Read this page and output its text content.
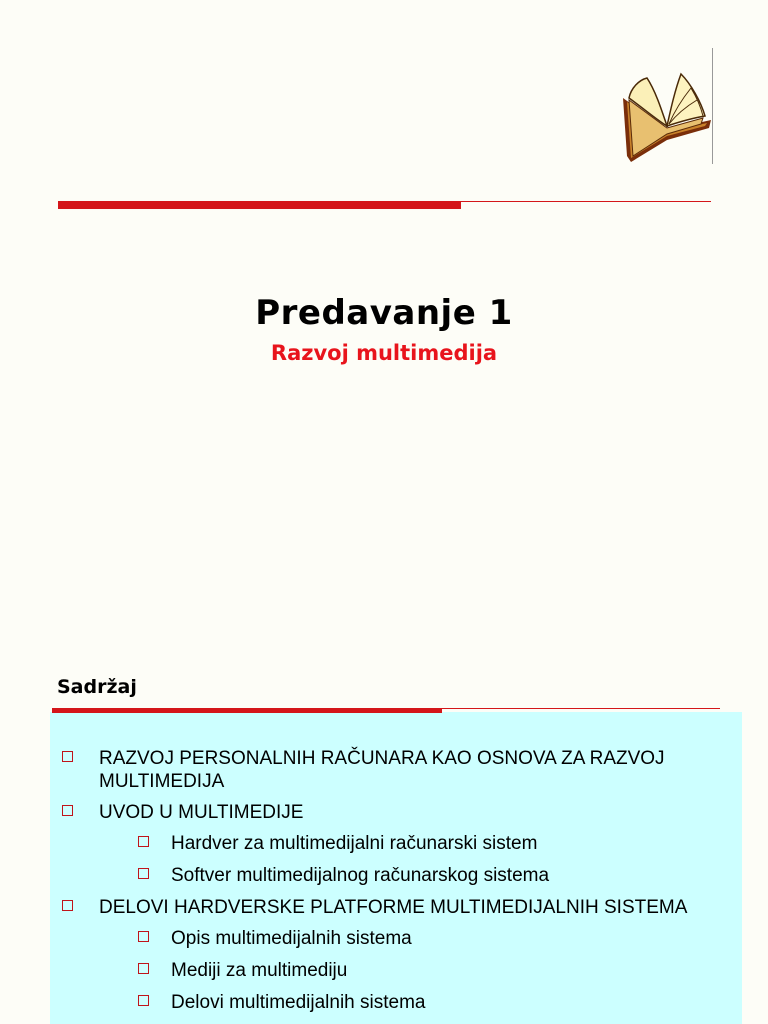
Predavanje 1
Razvoj multimedija
Sadržaj
RAZVOJ PERSONALNIH RAČUNARA KAO OSNOVA ZA RAZVOJ MULTIMEDIJA
UVOD U MULTIMEDIJE
Hardver za multimedijalni računarski sistem
Softver multimedijalnog računarskog sistema
DELOVI HARDVERSKE PLATFORME MULTIMEDIJALNIH SISTEMA
Opis multimedijalnih sistema
Mediji za multimediju
Delovi multimedijalnih sistema
